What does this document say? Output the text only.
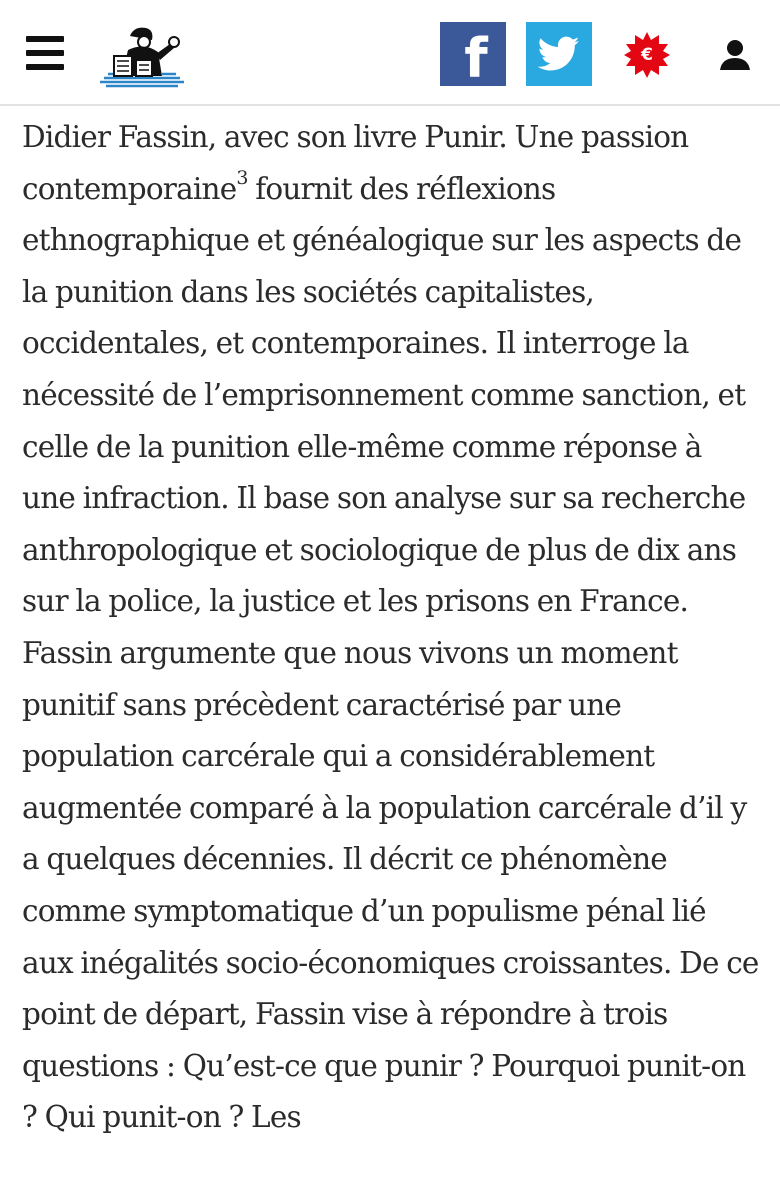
f	€

Didier Fassin, avec son livre Punir. Une passion contemporaine$^3$ fournit des réflexions ethnographique et généalogique sur les aspects de la punition dans les sociétés capitalistes, occidentales, et contemporaines. Il interroge la nécessité de l’emprisonnement comme sanction, et celle de la punition elle-même comme réponse à une infraction. Il base son analyse sur sa recherche anthropologique et sociologique de plus de dix ans sur la police, la justice et les prisons en France. Fassin argumente que nous vivons un moment punitif sans précèdent caractérisé par une population carcérale qui a considérablement augmentée comparé à la population carcérale d’il y a quelques décennies. Il décrit ce phénomène comme symptomatique d’un populisme pénal lié aux inégalités socio-économiques croissantes. De ce point de départ, Fassin vise à répondre à trois questions : Qu’est-ce que punir ? Pourquoi punit-on ? Qui punit-on ? Les
